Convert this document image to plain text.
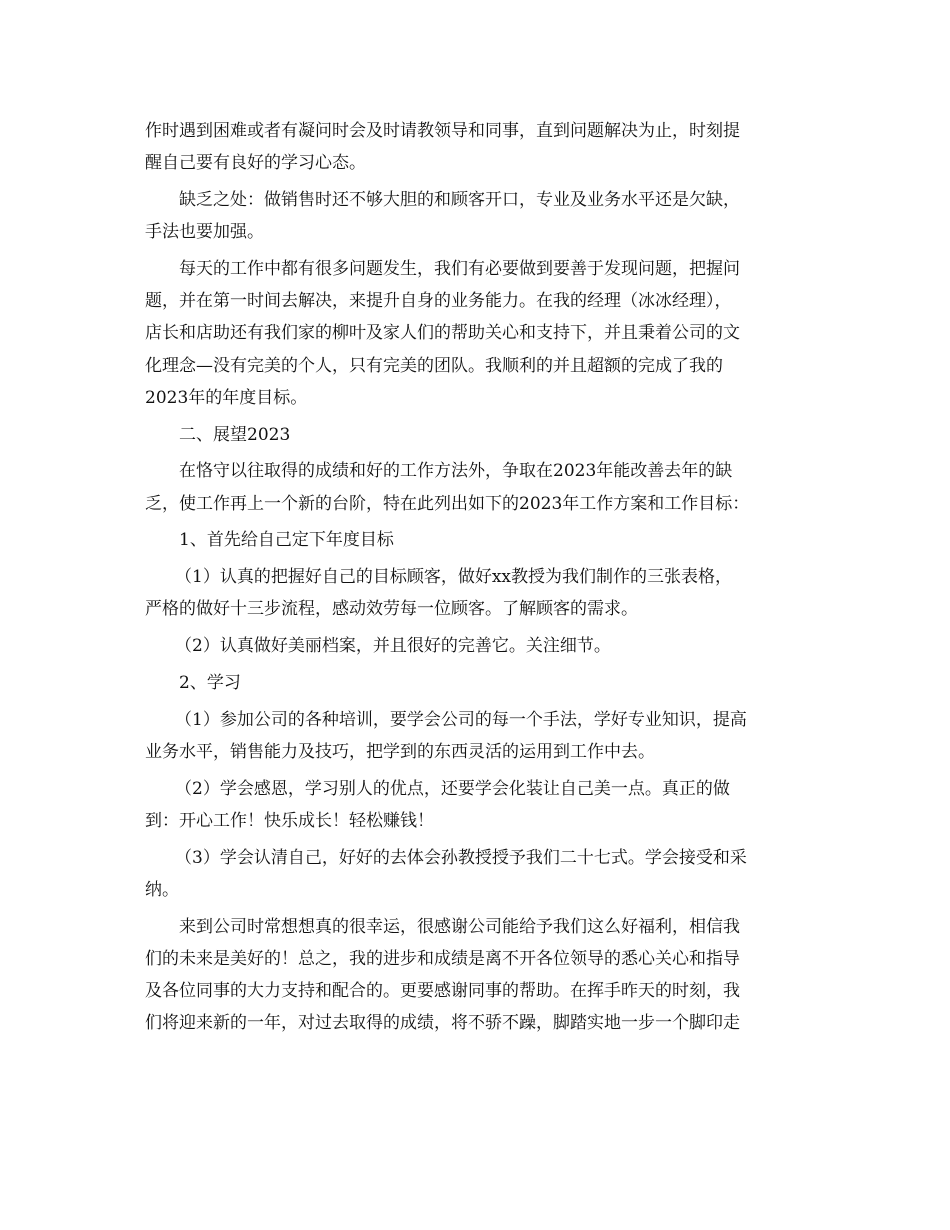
作时遇到困难或者有凝问时会及时请教领导和同事，直到问题解决为止，时刻提
醒自己要有良好的学习心态。

缺乏之处：做销售时还不够大胆的和顾客开口，专业及业务水平还是欠缺，
手法也要加强。

每天的工作中都有很多问题发生，我们有必要做到要善于发现问题，把握问
题，并在第一时间去解决，来提升自身的业务能力。在我的经理（冰冰经理），
店长和店助还有我们家的柳叶及家人们的帮助关心和支持下，并且秉着公司的文
化理念—没有完美的个人，只有完美的团队。我顺利的并且超额的完成了我的
2023年的年度目标。

二、展望2023

在恪守以往取得的成绩和好的工作方法外，争取在2023年能改善去年的缺
乏，使工作再上一个新的台阶，特在此列出如下的2023年工作方案和工作目标：

1、首先给自己定下年度目标

（1）认真的把握好自己的目标顾客，做好xx教授为我们制作的三张表格，
严格的做好十三步流程，感动效劳每一位顾客。了解顾客的需求。

（2）认真做好美丽档案，并且很好的完善它。关注细节。

2、学习

（1）参加公司的各种培训，要学会公司的每一个手法，学好专业知识，提高
业务水平，销售能力及技巧，把学到的东西灵活的运用到工作中去。

（2）学会感恩，学习别人的优点，还要学会化装让自己美一点。真正的做
到：开心工作！快乐成长！轻松赚钱！

（3）学会认清自己，好好的去体会孙教授授予我们二十七式。学会接受和采
纳。

来到公司时常想想真的很幸运，很感谢公司能给予我们这么好福利，相信我
们的未来是美好的！总之，我的进步和成绩是离不开各位领导的悉心关心和指导
及各位同事的大力支持和配合的。更要感谢同事的帮助。在挥手昨天的时刻，我
们将迎来新的一年，对过去取得的成绩，将不骄不躁，脚踏实地一步一个脚印走
